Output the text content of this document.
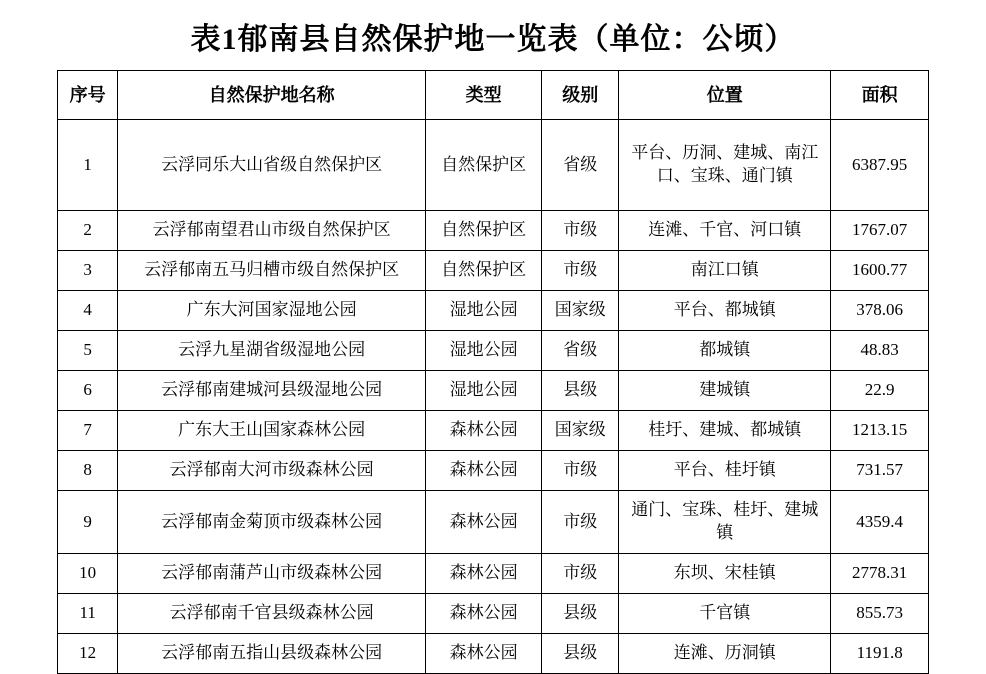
表1郁南县自然保护地一览表（单位：公顷）
序号	自然保护地名称	类型	级别	位置	面积
1	云浮同乐大山省级自然保护区	自然保护区	省级	平台、历洞、建城、南江口、宝珠、通门镇	6387.95
2	云浮郁南望君山市级自然保护区	自然保护区	市级	连滩、千官、河口镇	1767.07
3	云浮郁南五马归槽市级自然保护区	自然保护区	市级	南江口镇	1600.77
4	广东大河国家湿地公园	湿地公园	国家级	平台、都城镇	378.06
5	云浮九星湖省级湿地公园	湿地公园	省级	都城镇	48.83
6	云浮郁南建城河县级湿地公园	湿地公园	县级	建城镇	22.9
7	广东大王山国家森林公园	森林公园	国家级	桂圩、建城、都城镇	1213.15
8	云浮郁南大河市级森林公园	森林公园	市级	平台、桂圩镇	731.57
9	云浮郁南金菊顶市级森林公园	森林公园	市级	通门、宝珠、桂圩、建城镇	4359.4
10	云浮郁南蒲芦山市级森林公园	森林公园	市级	东坝、宋桂镇	2778.31
11	云浮郁南千官县级森林公园	森林公园	县级	千官镇	855.73
12	云浮郁南五指山县级森林公园	森林公园	县级	连滩、历洞镇	1191.8
